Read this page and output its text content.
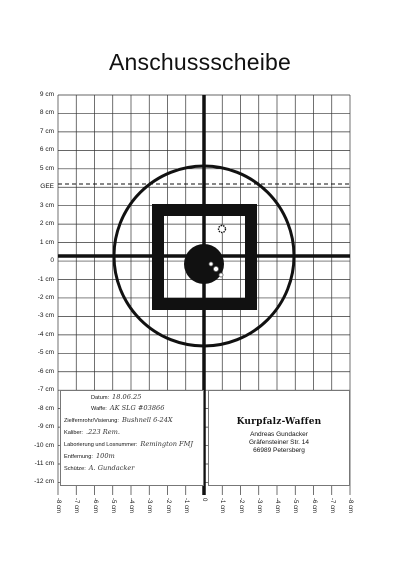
Anschussscheibe
9 cm
8 cm
7 cm
6 cm
5 cm
GEE
3 cm
2 cm
1 cm
0
-1 cm
-2 cm
-3 cm
-4 cm
-5 cm
-6 cm
-7 cm
-8 cm
-9 cm
-10 cm
-11 cm
-12 cm
-8 cm -7 cm -6 cm -5 cm -4 cm -3 cm -2 cm -1 cm 0 -1 cm -2 cm -3 cm -4 cm -5 cm -6 cm -7 cm -8 cm
Datum: 18.06.25
Waffe: AK SLG #03866
Zielfernrohr/Visierung: Bushnell 6-24X
Kaliber: .223 Rem.
Laborierung und Losnummer: Remington FMJ
Entfernung: 100m
Schütze: A. Gundacker
Kurpfalz-Waffen
Andreas Gundacker
Gräfensteiner Str. 14
66989 Petersberg
